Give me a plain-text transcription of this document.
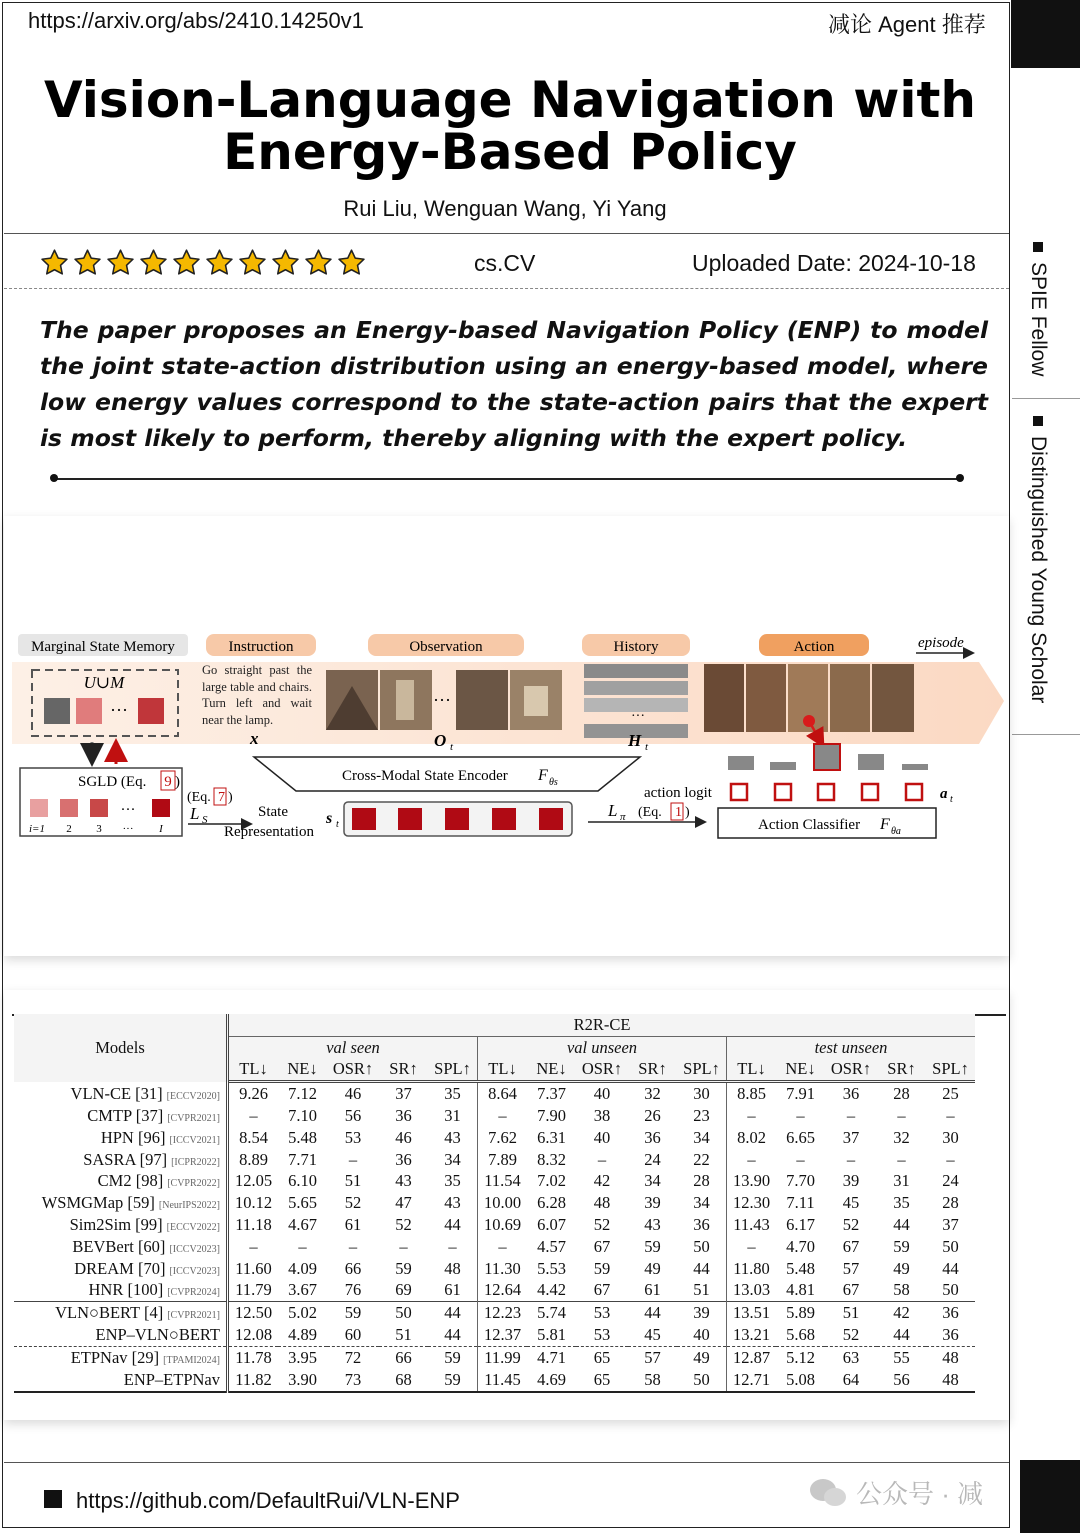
https://arxiv.org/abs/2410.14250v1	减论 Agent 推荐
Vision-Language Navigation with
Energy-Based Policy
Rui Liu, Wenguan Wang, Yi Yang
cs.CV	Uploaded Date: 2024-10-18
The paper proposes an Energy-based Navigation Policy (ENP) to model the joint state-action distribution using an energy-based model, where low energy values correspond to the state-action pairs that the expert is most likely to perform, thereby aligning with the expert policy.
SPIE Fellow
Distinguished Young Scholar
Marginal State Memory	Instruction	Observation	History	Action	episode
U∪M
···
SGLD (Eq. 9 )
···
i=1 2 3 ··· I
Go straight past the large table and chairs. Turn left and wait near the lamp.
x
···
O t
···
H t
Cross-Modal State Encoder F θs
(Eq. 7 )
L S	State
Representation
s t
L π (Eq. 1 )
action logit	a t
Action Classifier F θa
Models	R2R-CE														
	val seen					val unseen					test unseen				
	TL↓	NE↓	OSR↑	SR↑	SPL↑	TL↓	NE↓	OSR↑	SR↑	SPL↑	TL↓	NE↓	OSR↑	SR↑	SPL↑
VLN-CE [31] [ECCV2020]	9.26	7.12	46	37	35	8.64	7.37	40	32	30	8.85	7.91	36	28	25
CMTP [37] [CVPR2021]	–	7.10	56	36	31	–	7.90	38	26	23	–	–	–	–	–
HPN [96] [ICCV2021]	8.54	5.48	53	46	43	7.62	6.31	40	36	34	8.02	6.65	37	32	30
SASRA [97] [ICPR2022]	8.89	7.71	–	36	34	7.89	8.32	–	24	22	–	–	–	–	–
CM2 [98] [CVPR2022]	12.05	6.10	51	43	35	11.54	7.02	42	34	28	13.90	7.70	39	31	24
WSMGMap [59] [NeurIPS2022]	10.12	5.65	52	47	43	10.00	6.28	48	39	34	12.30	7.11	45	35	28
Sim2Sim [99] [ECCV2022]	11.18	4.67	61	52	44	10.69	6.07	52	43	36	11.43	6.17	52	44	37
BEVBert [60] [ICCV2023]	–	–	–	–	–	–	4.57	67	59	50	–	4.70	67	59	50
DREAM [70] [ICCV2023]	11.60	4.09	66	59	48	11.30	5.53	59	49	44	11.80	5.48	57	49	44
HNR [100] [CVPR2024]	11.79	3.67	76	69	61	12.64	4.42	67	61	51	13.03	4.81	67	58	50
VLN○BERT [4] [CVPR2021]	12.50	5.02	59	50	44	12.23	5.74	53	44	39	13.51	5.89	51	42	36
ENP–VLN○BERT	12.08	4.89	60	51	44	12.37	5.81	53	45	40	13.21	5.68	52	44	36
ETPNav [29] [TPAMI2024]	11.78	3.95	72	66	59	11.99	4.71	65	57	49	12.87	5.12	63	55	48
ENP–ETPNav	11.82	3.90	73	68	59	11.45	4.69	65	58	50	12.71	5.08	64	56	48
https://github.com/DefaultRui/VLN-ENP	公众号 · 减
